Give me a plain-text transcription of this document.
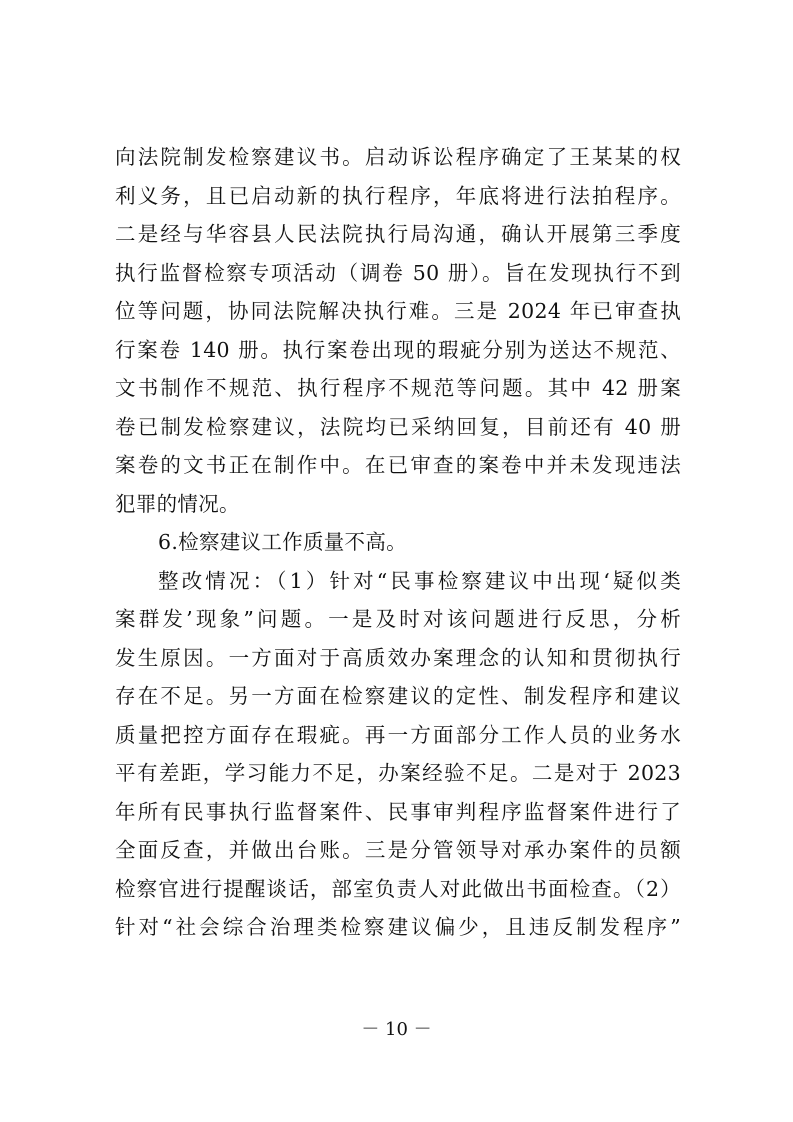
向法院制发检察建议书。启动诉讼程序确定了王某某的权
利义务，且已启动新的执行程序，年底将进行法拍程序。
二是经与华容县人民法院执行局沟通，确认开展第三季度
执行监督检察专项活动（调卷 50 册）。旨在发现执行不到
位等问题，协同法院解决执行难。三是 2024 年已审查执
行案卷 140 册。执行案卷出现的瑕疵分别为送达不规范、
文书制作不规范、执行程序不规范等问题。其中 42 册案
卷已制发检察建议，法院均已采纳回复，目前还有 40 册
案卷的文书正在制作中。在已审查的案卷中并未发现违法
犯罪的情况。
6.检察建议工作质量不高。
整改情况：（1）针对“民事检察建议中出现‘疑似类
案群发’现象”问题。一是及时对该问题进行反思，分析
发生原因。一方面对于高质效办案理念的认知和贯彻执行
存在不足。另一方面在检察建议的定性、制发程序和建议
质量把控方面存在瑕疵。再一方面部分工作人员的业务水
平有差距，学习能力不足，办案经验不足。二是对于 2023
年所有民事执行监督案件、民事审判程序监督案件进行了
全面反查，并做出台账。三是分管领导对承办案件的员额
检察官进行提醒谈话，部室负责人对此做出书面检查。（2）
针对“社会综合治理类检察建议偏少，且违反制发程序”
－ 10 －
